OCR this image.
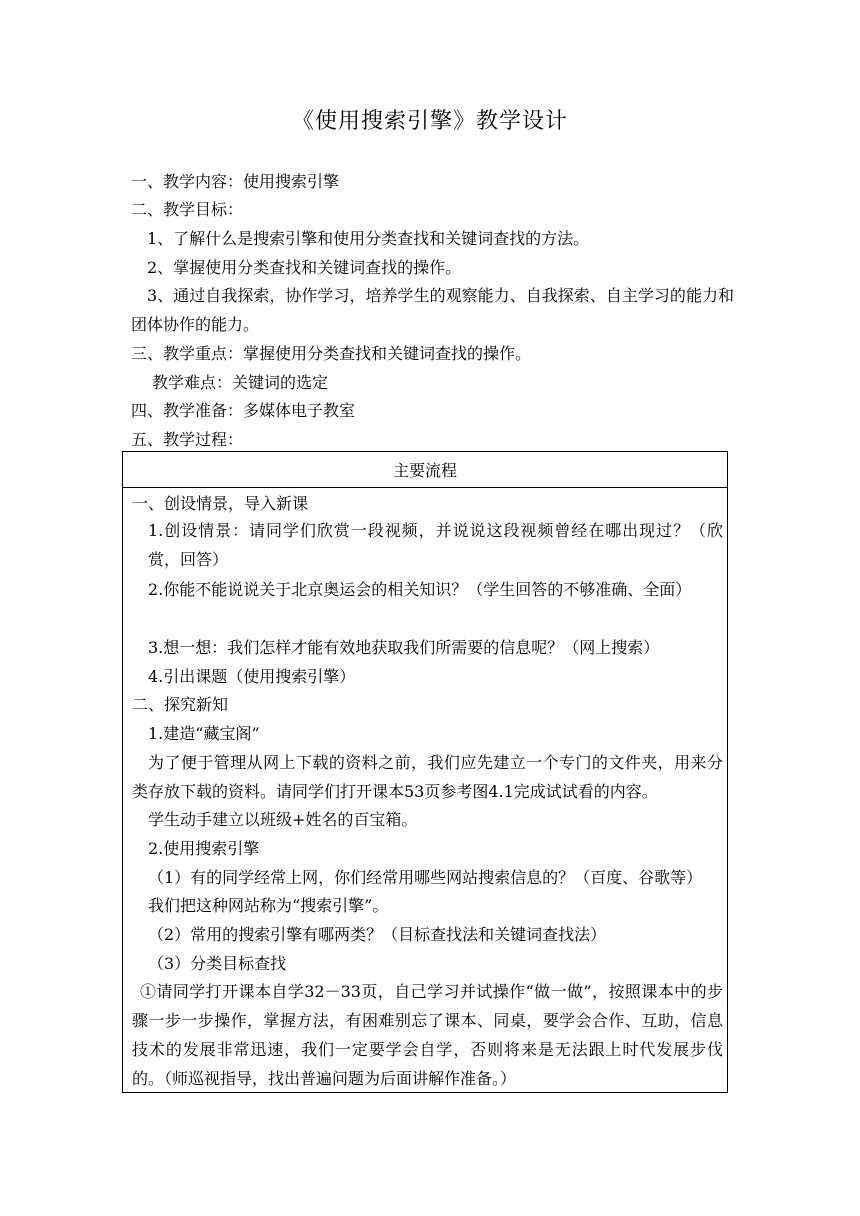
《使用搜索引擎》教学设计
一、教学内容：使用搜索引擎
二、教学目标：
1、了解什么是搜索引擎和使用分类查找和关键词查找的方法。
2、掌握使用分类查找和关键词查找的操作。
3、通过自我探索，协作学习，培养学生的观察能力、自我探索、自主学习的能力和团体协作的能力。
三、教学重点：掌握使用分类查找和关键词查找的操作。
教学难点：关键词的选定
四、教学准备：多媒体电子教室
五、教学过程：
主要流程
一、创设情景，导入新课
1.创设情景：请同学们欣赏一段视频，并说说这段视频曾经在哪出现过？（欣赏，回答）
2.你能不能说说关于北京奥运会的相关知识？（学生回答的不够准确、全面）
3.想一想：我们怎样才能有效地获取我们所需要的信息呢？（网上搜索）
4.引出课题（使用搜索引擎）
二、探究新知
1.建造“藏宝阁”
为了便于管理从网上下载的资料之前，我们应先建立一个专门的文件夹，用来分类存放下载的资料。请同学们打开课本53页参考图4.1完成试试看的内容。
学生动手建立以班级+姓名的百宝箱。
2.使用搜索引擎
（1）有的同学经常上网，你们经常用哪些网站搜索信息的？（百度、谷歌等）
我们把这种网站称为“搜索引擎”。
（2）常用的搜索引擎有哪两类？（目标查找法和关键词查找法）
（3）分类目标查找
①请同学打开课本自学32－33页，自己学习并试操作“做一做”，按照课本中的步骤一步一步操作，掌握方法，有困难别忘了课本、同桌，要学会合作、互助，信息技术的发展非常迅速，我们一定要学会自学，否则将来是无法跟上时代发展步伐的。（师巡视指导，找出普遍问题为后面讲解作准备。）
